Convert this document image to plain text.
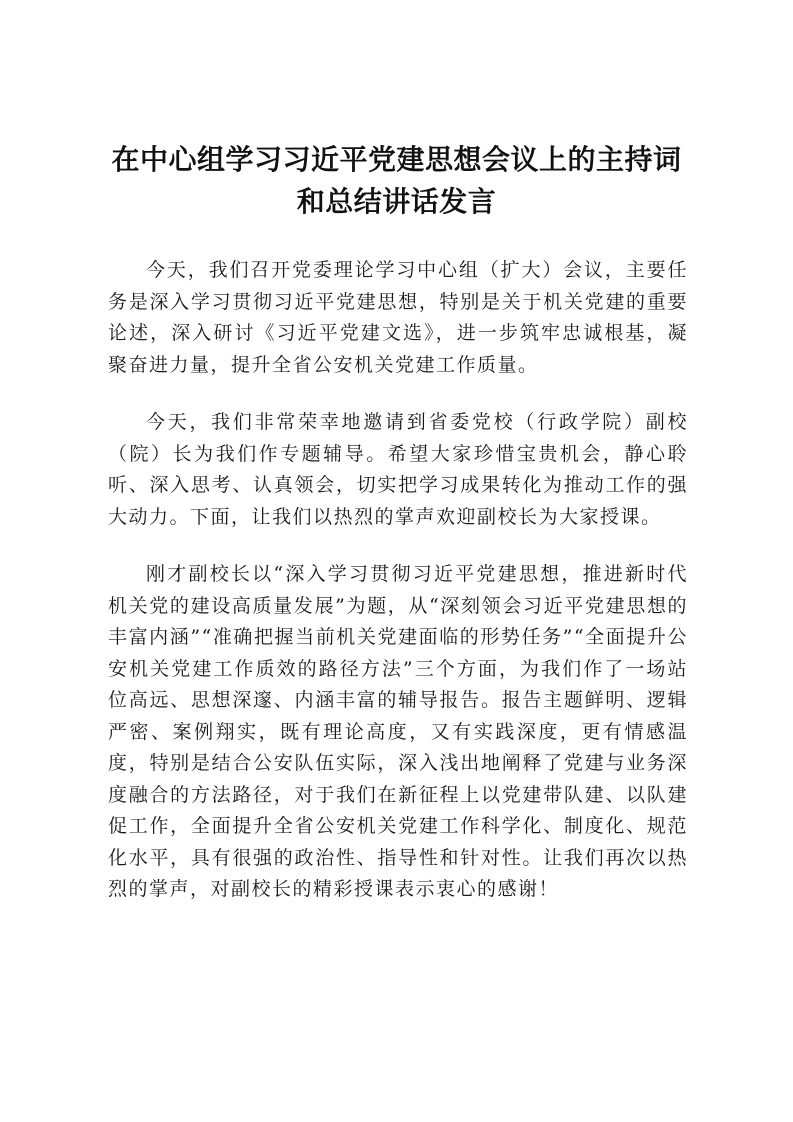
在中心组学习习近平党建思想会议上的主持词
和总结讲话发言

今天，我们召开党委理论学习中心组（扩大）会议，主要任务是深入学习贯彻习近平党建思想，特别是关于机关党建的重要论述，深入研讨《习近平党建文选》，进一步筑牢忠诚根基，凝聚奋进力量，提升全省公安机关党建工作质量。

今天，我们非常荣幸地邀请到省委党校（行政学院）副校（院）长为我们作专题辅导。希望大家珍惜宝贵机会，静心聆听、深入思考、认真领会，切实把学习成果转化为推动工作的强大动力。下面，让我们以热烈的掌声欢迎副校长为大家授课。

刚才副校长以“深入学习贯彻习近平党建思想，推进新时代机关党的建设高质量发展”为题，从“深刻领会习近平党建思想的丰富内涵”“准确把握当前机关党建面临的形势任务”“全面提升公安机关党建工作质效的路径方法”三个方面，为我们作了一场站位高远、思想深邃、内涵丰富的辅导报告。报告主题鲜明、逻辑严密、案例翔实，既有理论高度，又有实践深度，更有情感温度，特别是结合公安队伍实际，深入浅出地阐释了党建与业务深度融合的方法路径，对于我们在新征程上以党建带队建、以队建促工作，全面提升全省公安机关党建工作科学化、制度化、规范化水平，具有很强的政治性、指导性和针对性。让我们再次以热烈的掌声，对副校长的精彩授课表示衷心的感谢！
